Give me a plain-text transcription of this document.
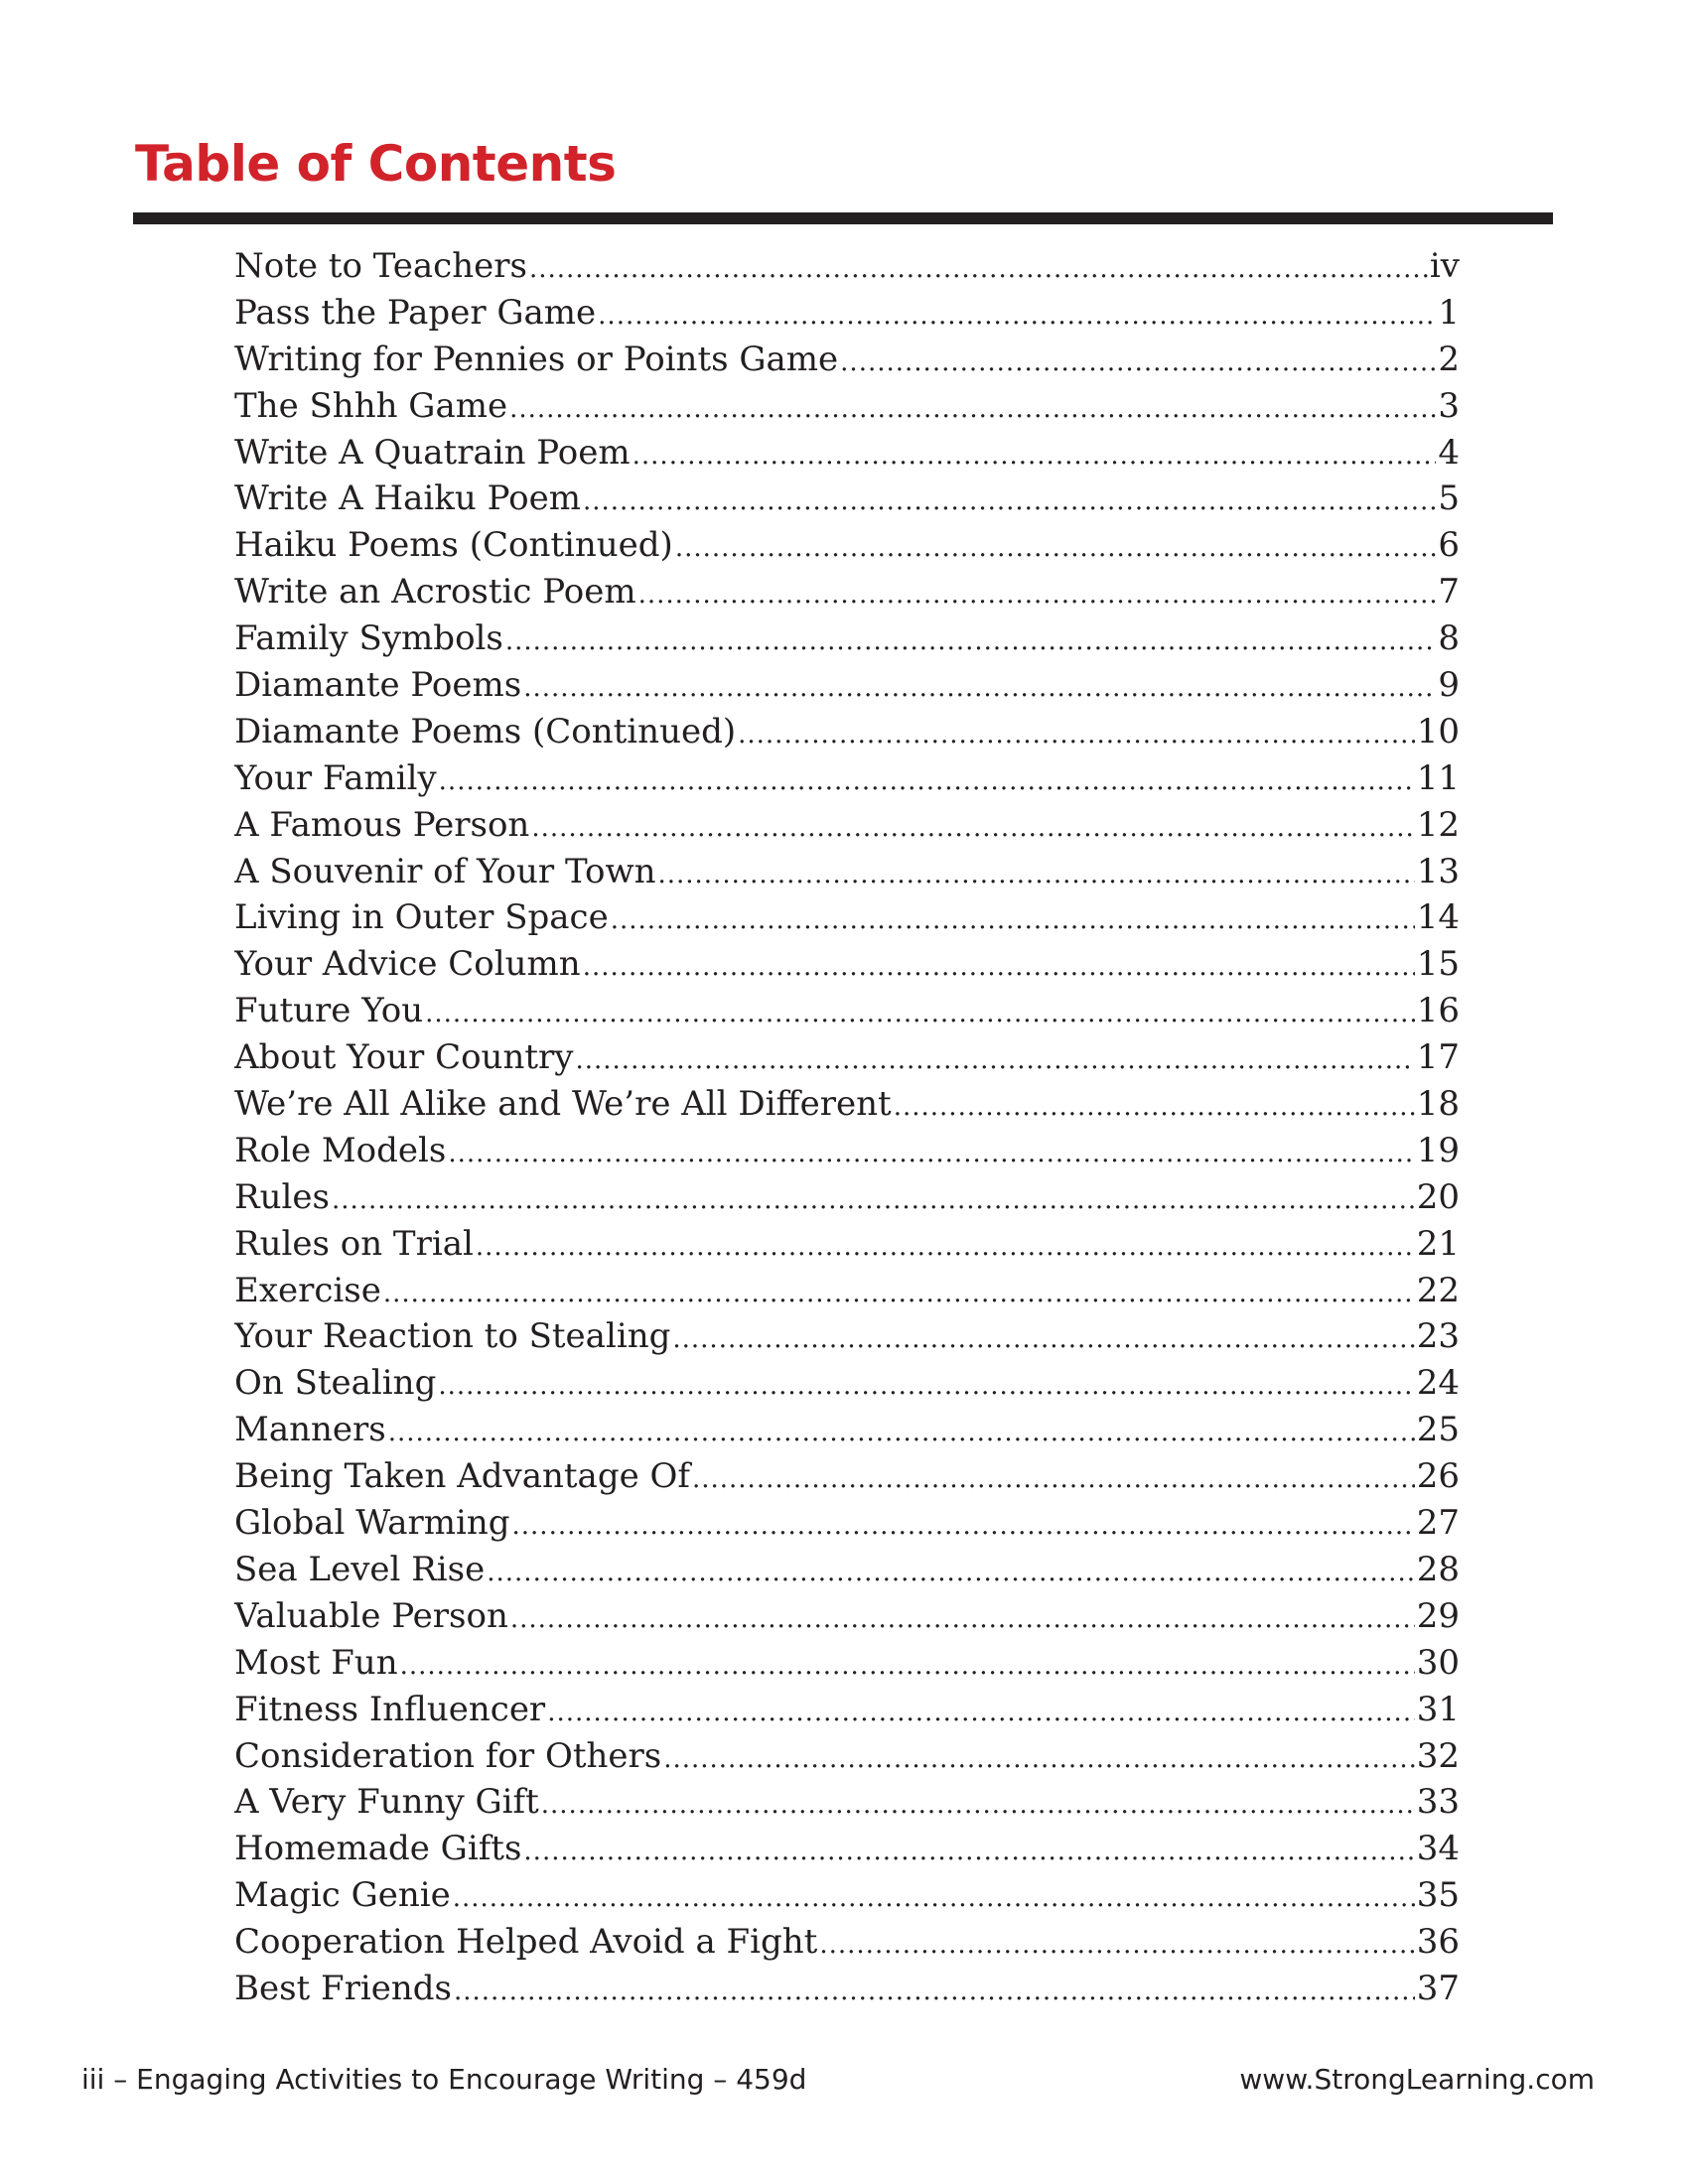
Table of Contents
Note to Teachers .....	iv
Pass the Paper Game .....	1
Writing for Pennies or Points Game .....	2
The Shhh Game .....	3
Write A Quatrain Poem .....	4
Write A Haiku Poem .....	5
Haiku Poems (Continued) .....	6
Write an Acrostic Poem .....	7
Family Symbols .....	8
Diamante Poems .....	9
Diamante Poems (Continued) .....	10
Your Family .....	11
A Famous Person .....	12
A Souvenir of Your Town .....	13
Living in Outer Space .....	14
Your Advice Column .....	15
Future You .....	16
About Your Country .....	17
We’re All Alike and We’re All Different .....	18
Role Models .....	19
Rules .....	20
Rules on Trial .....	21
Exercise .....	22
Your Reaction to Stealing .....	23
On Stealing .....	24
Manners .....	25
Being Taken Advantage Of .....	26
Global Warming .....	27
Sea Level Rise .....	28
Valuable Person .....	29
Most Fun .....	30
Fitness Influencer .....	31
Consideration for Others .....	32
A Very Funny Gift .....	33
Homemade Gifts .....	34
Magic Genie .....	35
Cooperation Helped Avoid a Fight .....	36
Best Friends .....	37
iii – Engaging Activities to Encourage Writing – 459d	www.StrongLearning.com
